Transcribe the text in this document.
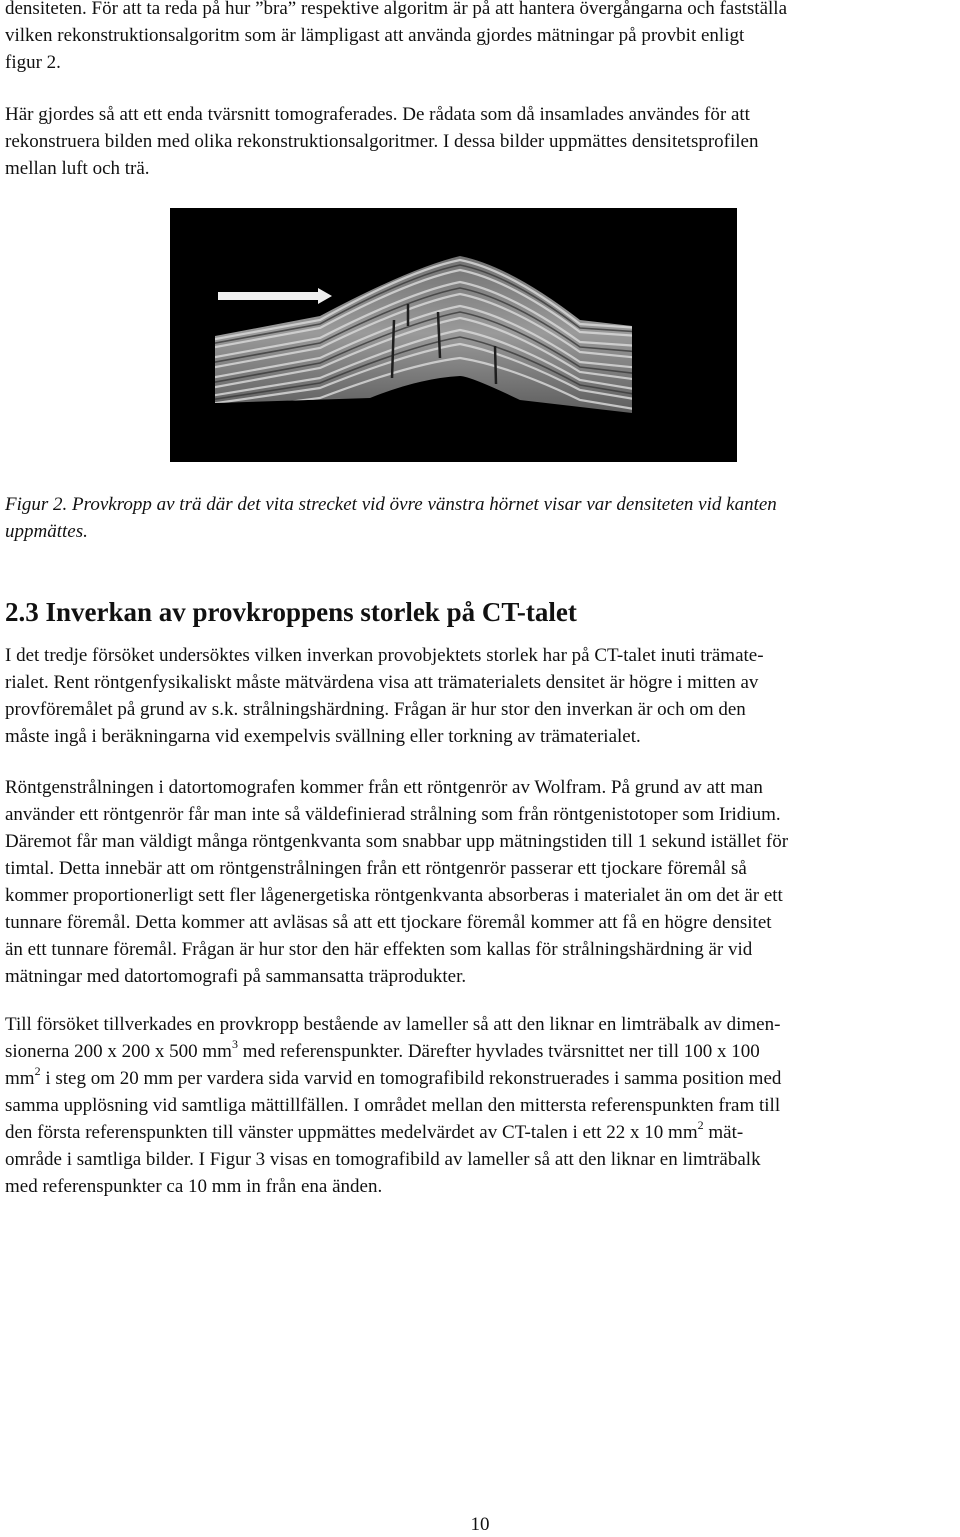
densiteten. För att ta reda på hur ”bra” respektive algoritm är på att hantera övergångarna och fastställa
vilken rekonstruktionsalgoritm som är lämpligast att använda gjordes mätningar på provbit enligt
figur 2.

Här gjordes så att ett enda tvärsnitt tomograferades. De rådata som då insamlades användes för att
rekonstruera bilden med olika rekonstruktionsalgoritmer. I dessa bilder uppmättes densitetsprofilen
mellan luft och trä.

Figur 2. Provkropp av trä där det vita strecket vid övre vänstra hörnet visar var densiteten vid kanten
uppmättes.

2.3 Inverkan av provkroppens storlek på CT-talet

I det tredje försöket undersöktes vilken inverkan provobjektets storlek har på CT-talet inuti trämate-
rialet. Rent röntgenfysikaliskt måste mätvärdena visa att trämaterialets densitet är högre i mitten av
provföremålet på grund av s.k. strålningshärdning. Frågan är hur stor den inverkan är och om den
måste ingå i beräkningarna vid exempelvis svällning eller torkning av trämaterialet.

Röntgenstrålningen i datortomografen kommer från ett röntgenrör av Wolfram. På grund av att man
använder ett röntgenrör får man inte så väldefinierad strålning som från röntgenistotoper som Iridium.
Däremot får man väldigt många röntgenkvanta som snabbar upp mätningstiden till 1 sekund istället för
timtal. Detta innebär att om röntgenstrålningen från ett röntgenrör passerar ett tjockare föremål så
kommer proportionerligt sett fler lågenergetiska röntgenkvanta absorberas i materialet än om det är ett
tunnare föremål. Detta kommer att avläsas så att ett tjockare föremål kommer att få en högre densitet
än ett tunnare föremål. Frågan är hur stor den här effekten som kallas för strålningshärdning är vid
mätningar med datortomografi på sammansatta träprodukter.

Till försöket tillverkades en provkropp bestående av lameller så att den liknar en limträbalk av dimen-
sionerna 200 x 200 x 500 $mm^3$ med referenspunkter. Därefter hyvlades tvärsnittet ner till 100 x 100
$mm^2$ i steg om 20 mm per vardera sida varvid en tomografibild rekonstruerades i samma position med
samma upplösning vid samtliga mättillfällen. I området mellan den mittersta referenspunkten fram till
den första referenspunkten till vänster uppmättes medelvärdet av CT-talen i ett 22 x 10 $mm^2$ mät-
område i samtliga bilder. I Figur 3 visas en tomografibild av lameller så att den liknar en limträbalk
med referenspunkter ca 10 mm in från ena änden.

10
